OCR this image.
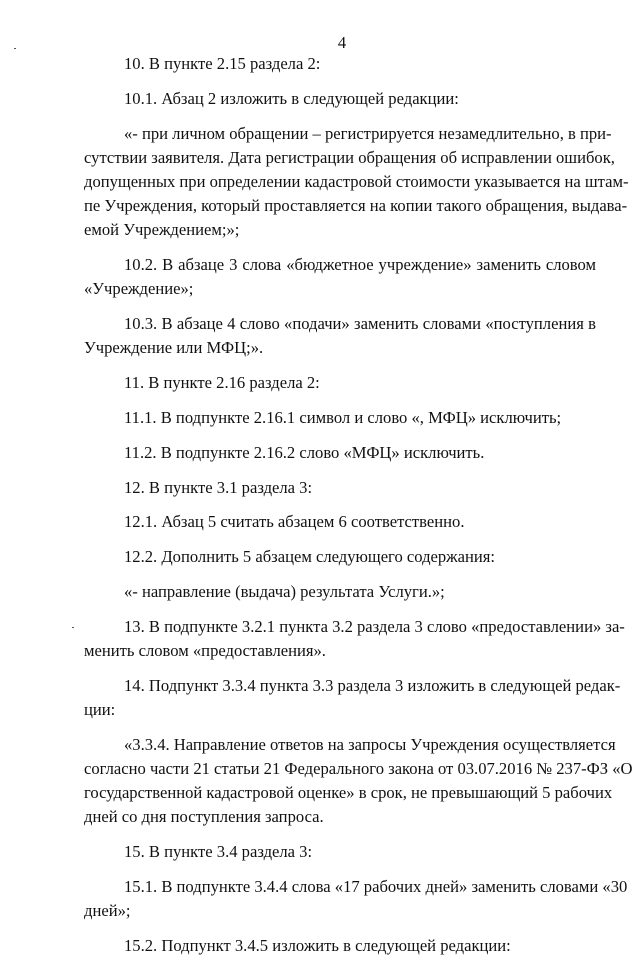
4
10. В пункте 2.15 раздела 2:
10.1. Абзац 2 изложить в следующей редакции:
«- при личном обращении – регистрируется незамедлительно, в при-
сутствии заявителя. Дата регистрации обращения об исправлении ошибок,
допущенных при определении кадастровой стоимости указывается на штам-
пе Учреждения, который проставляется на копии такого обращения, выдава-
емой Учреждением;»;
10.2. В абзаце 3 слова «бюджетное учреждение» заменить словом
«Учреждение»;
10.3. В абзаце 4 слово «подачи» заменить словами «поступления в
Учреждение или МФЦ;».
11. В пункте 2.16 раздела 2:
11.1. В подпункте 2.16.1 символ и слово «, МФЦ» исключить;
11.2. В подпункте 2.16.2 слово «МФЦ» исключить.
12. В пункте 3.1 раздела 3:
12.1. Абзац 5 считать абзацем 6 соответственно.
12.2. Дополнить 5 абзацем следующего содержания:
«- направление (выдача) результата Услуги.»;
13. В подпункте 3.2.1 пункта 3.2 раздела 3 слово «предоставлении» за-
менить словом «предоставления».
14. Подпункт 3.3.4 пункта 3.3 раздела 3 изложить в следующей редак-
ции:
«3.3.4. Направление ответов на запросы Учреждения осуществляется
согласно части 21 статьи 21 Федерального закона от 03.07.2016 № 237-ФЗ «О
государственной кадастровой оценке» в срок, не превышающий 5 рабочих
дней со дня поступления запроса.
15. В пункте 3.4 раздела 3:
15.1. В подпункте 3.4.4 слова «17 рабочих дней» заменить словами «30
дней»;
15.2. Подпункт 3.4.5 изложить в следующей редакции:
